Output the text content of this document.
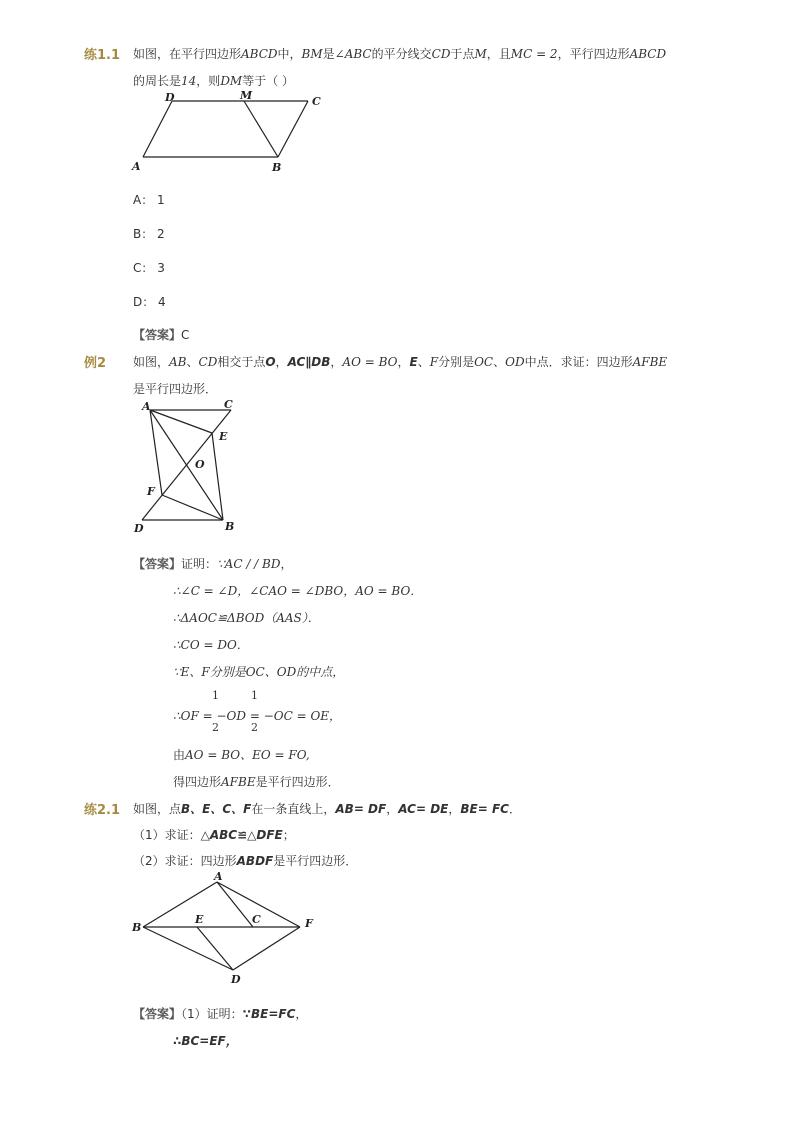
练1.1 如图，在平行四边形ABCD中，BM是∠ABC的平分线交CD于点M，且MC = 2，平行四边形ABCD
的周长是14，则DM等于（ ）
D	M	C
A	B
A： 1
B： 2
C： 3
D： 4
【答案】C
例2 如图，AB、CD相交于点O，AC∥DB，AO = BO，E、F分别是OC、OD中点．求证：四边形AFBE
是平行四边形．
A	C
E
O
F
D	B
【答案】证明：∵AC / / BD，
∴∠C = ∠D，∠CAO = ∠DBO，AO = BO．
∴ΔAOC≌ΔBOD（AAS）．
∴CO = DO．
∵E、F分别是OC、OD的中点，
1	1
∴OF = −OD = −OC = OE，
2	2
由AO = BO、EO = FO,
得四边形AFBE是平行四边形．
练2.1 如图，点B、E、C、F在一条直线上，AB= DF，AC= DE，BE= FC．
（1）求证：△ABC≌△DFE；
（2）求证：四边形ABDF是平行四边形．
A
E	C
B	F
D
【答案】（1）证明：∵BE=FC，
∴BC=EF，
